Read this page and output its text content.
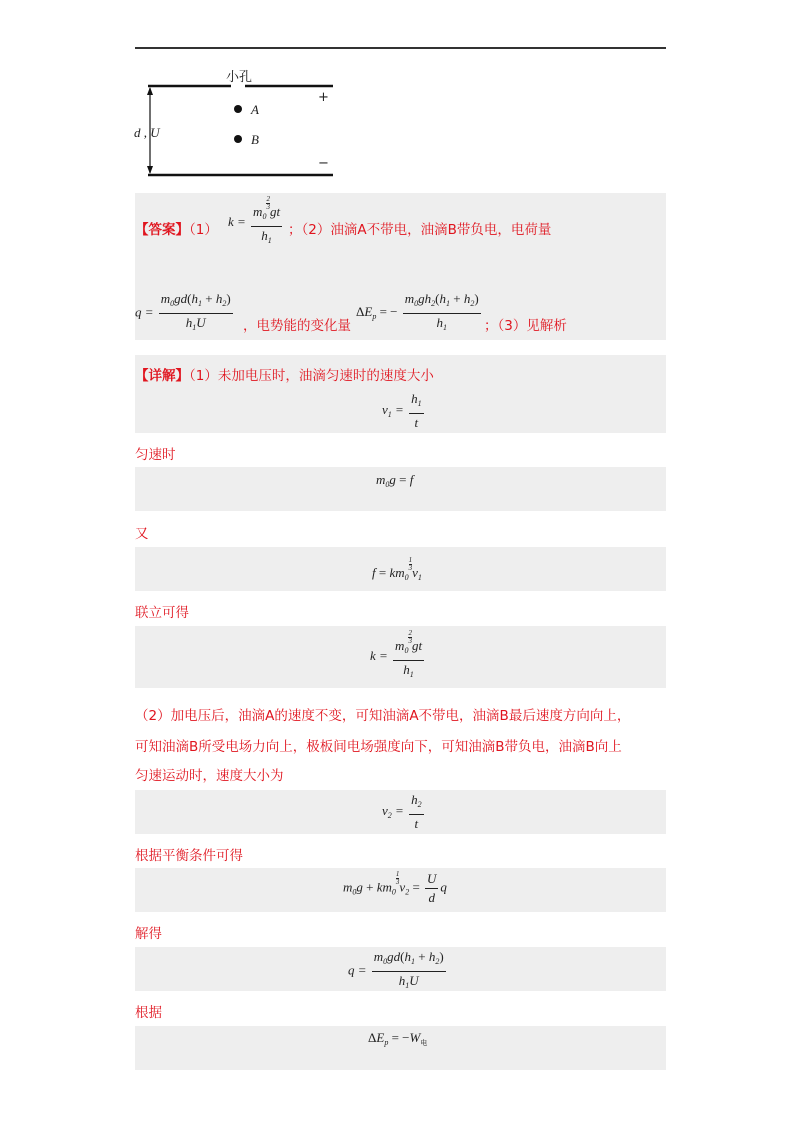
小孔
+
−
A
B
d , U
【答案】（1）
$k = m_0$
$\frac{2}{3}$
gt
$h_1$ ；（2）油滴A不带电，油滴B带负电，电荷量
$q = \frac{m_0gd(h_1 + h_2)}{h_1U}$ ，电势能的变化量
$\Delta E_p$ = − $\frac{m_0gh_2(h_1 + h_2)}{h_1}$ ；（3）见解析
【详解】（1）未加电压时，油滴匀速时的速度大小
$v_1 = \frac{h_1}{t}$
匀速时
$m_0g = f$
又
$f = km_0$
$\frac{1}{3}$
$v_1$
联立可得
$k = m_0$
$\frac{2}{3}$
gt
$h_1$
（2）加电压后，油滴A的速度不变，可知油滴A不带电，油滴B最后速度方向向上，
可知油滴B所受电场力向上，极板间电场强度向下，可知油滴B带负电，油滴B向上
匀速运动时，速度大小为
$v_2 = \frac{h_2}{t}$
根据平衡条件可得
$m_0g + km_0$
$\frac{1}{3}$
$v_2 = \frac{U}{d}$ q
解得
$q = \frac{m_0gd(h_1 + h_2)}{h_1U}$
根据
$\Delta E_p = -W_电$
